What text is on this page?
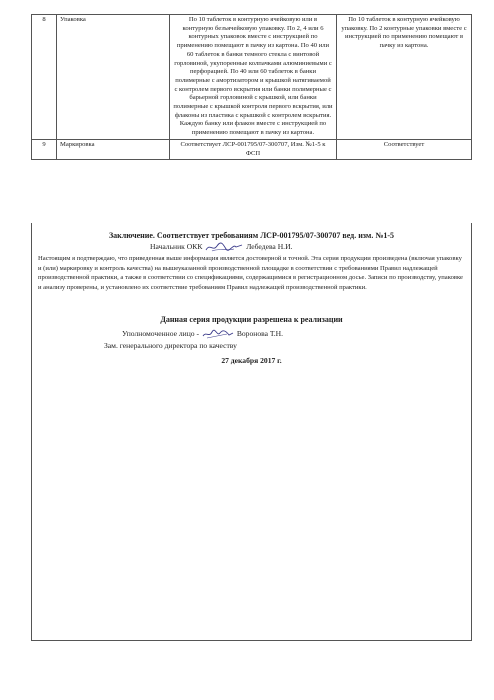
8	Упаковка	По 10 таблеток в контурную ячейковую или в контурную безъячейковую упаковку. По 2, 4 или 6 контурных упаковок вместе с инструкцией по применению помещают в пачку из картона. По 40 или 60 таблеток в банки темного стекла с винтовой горловиной, укупоренные колпачками алюминиевыми с перфорацией. По 40 или 60 таблеток в банки полимерные с амортизатором и крышкой натягиваемой с контролем первого вскрытия или банки полимерные с барьерной горловиной с крышкой, или банки полимерные с крышкой контроля первого вскрытия, или флаконы из пластика с крышкой с контролем вскрытия. Каждую банку или флакон вместе с инструкцией по применению помещают в пачку из картона.	По 10 таблеток в контурную ячейковую упаковку. По 2 контурные упаковки вместе с инструкцией по применению помещают в пачку из картона.
9	Маркировка	Соответствует ЛСР-001795/07-300707, Изм. №1-5 к ФСП	Соответствует
Заключение. Соответствует требованиям ЛСР-001795/07-300707 вед. изм. №1-5
Начальник ОКК	Лебедева Н.И.
Настоящим я подтверждаю, что приведенная выше информация является достоверной и точной. Эта серия продукции произведена (включая упаковку и (или) маркировку и контроль качества) на вышеуказанной производственной площадке в соответствии с требованиями Правил надлежащей производственной практики, а также в соответствии со спецификациями, содержащимися в регистрационном досье. Записи по производству, упаковке и анализу проверены, и установлено их соответствие требованиям Правил надлежащей производственной практики.
Данная серия продукции разрешена к реализации
Уполномоченное лицо -	Воронова Т.Н.
Зам. генерального директора по качеству
27 декабря 2017 г.
